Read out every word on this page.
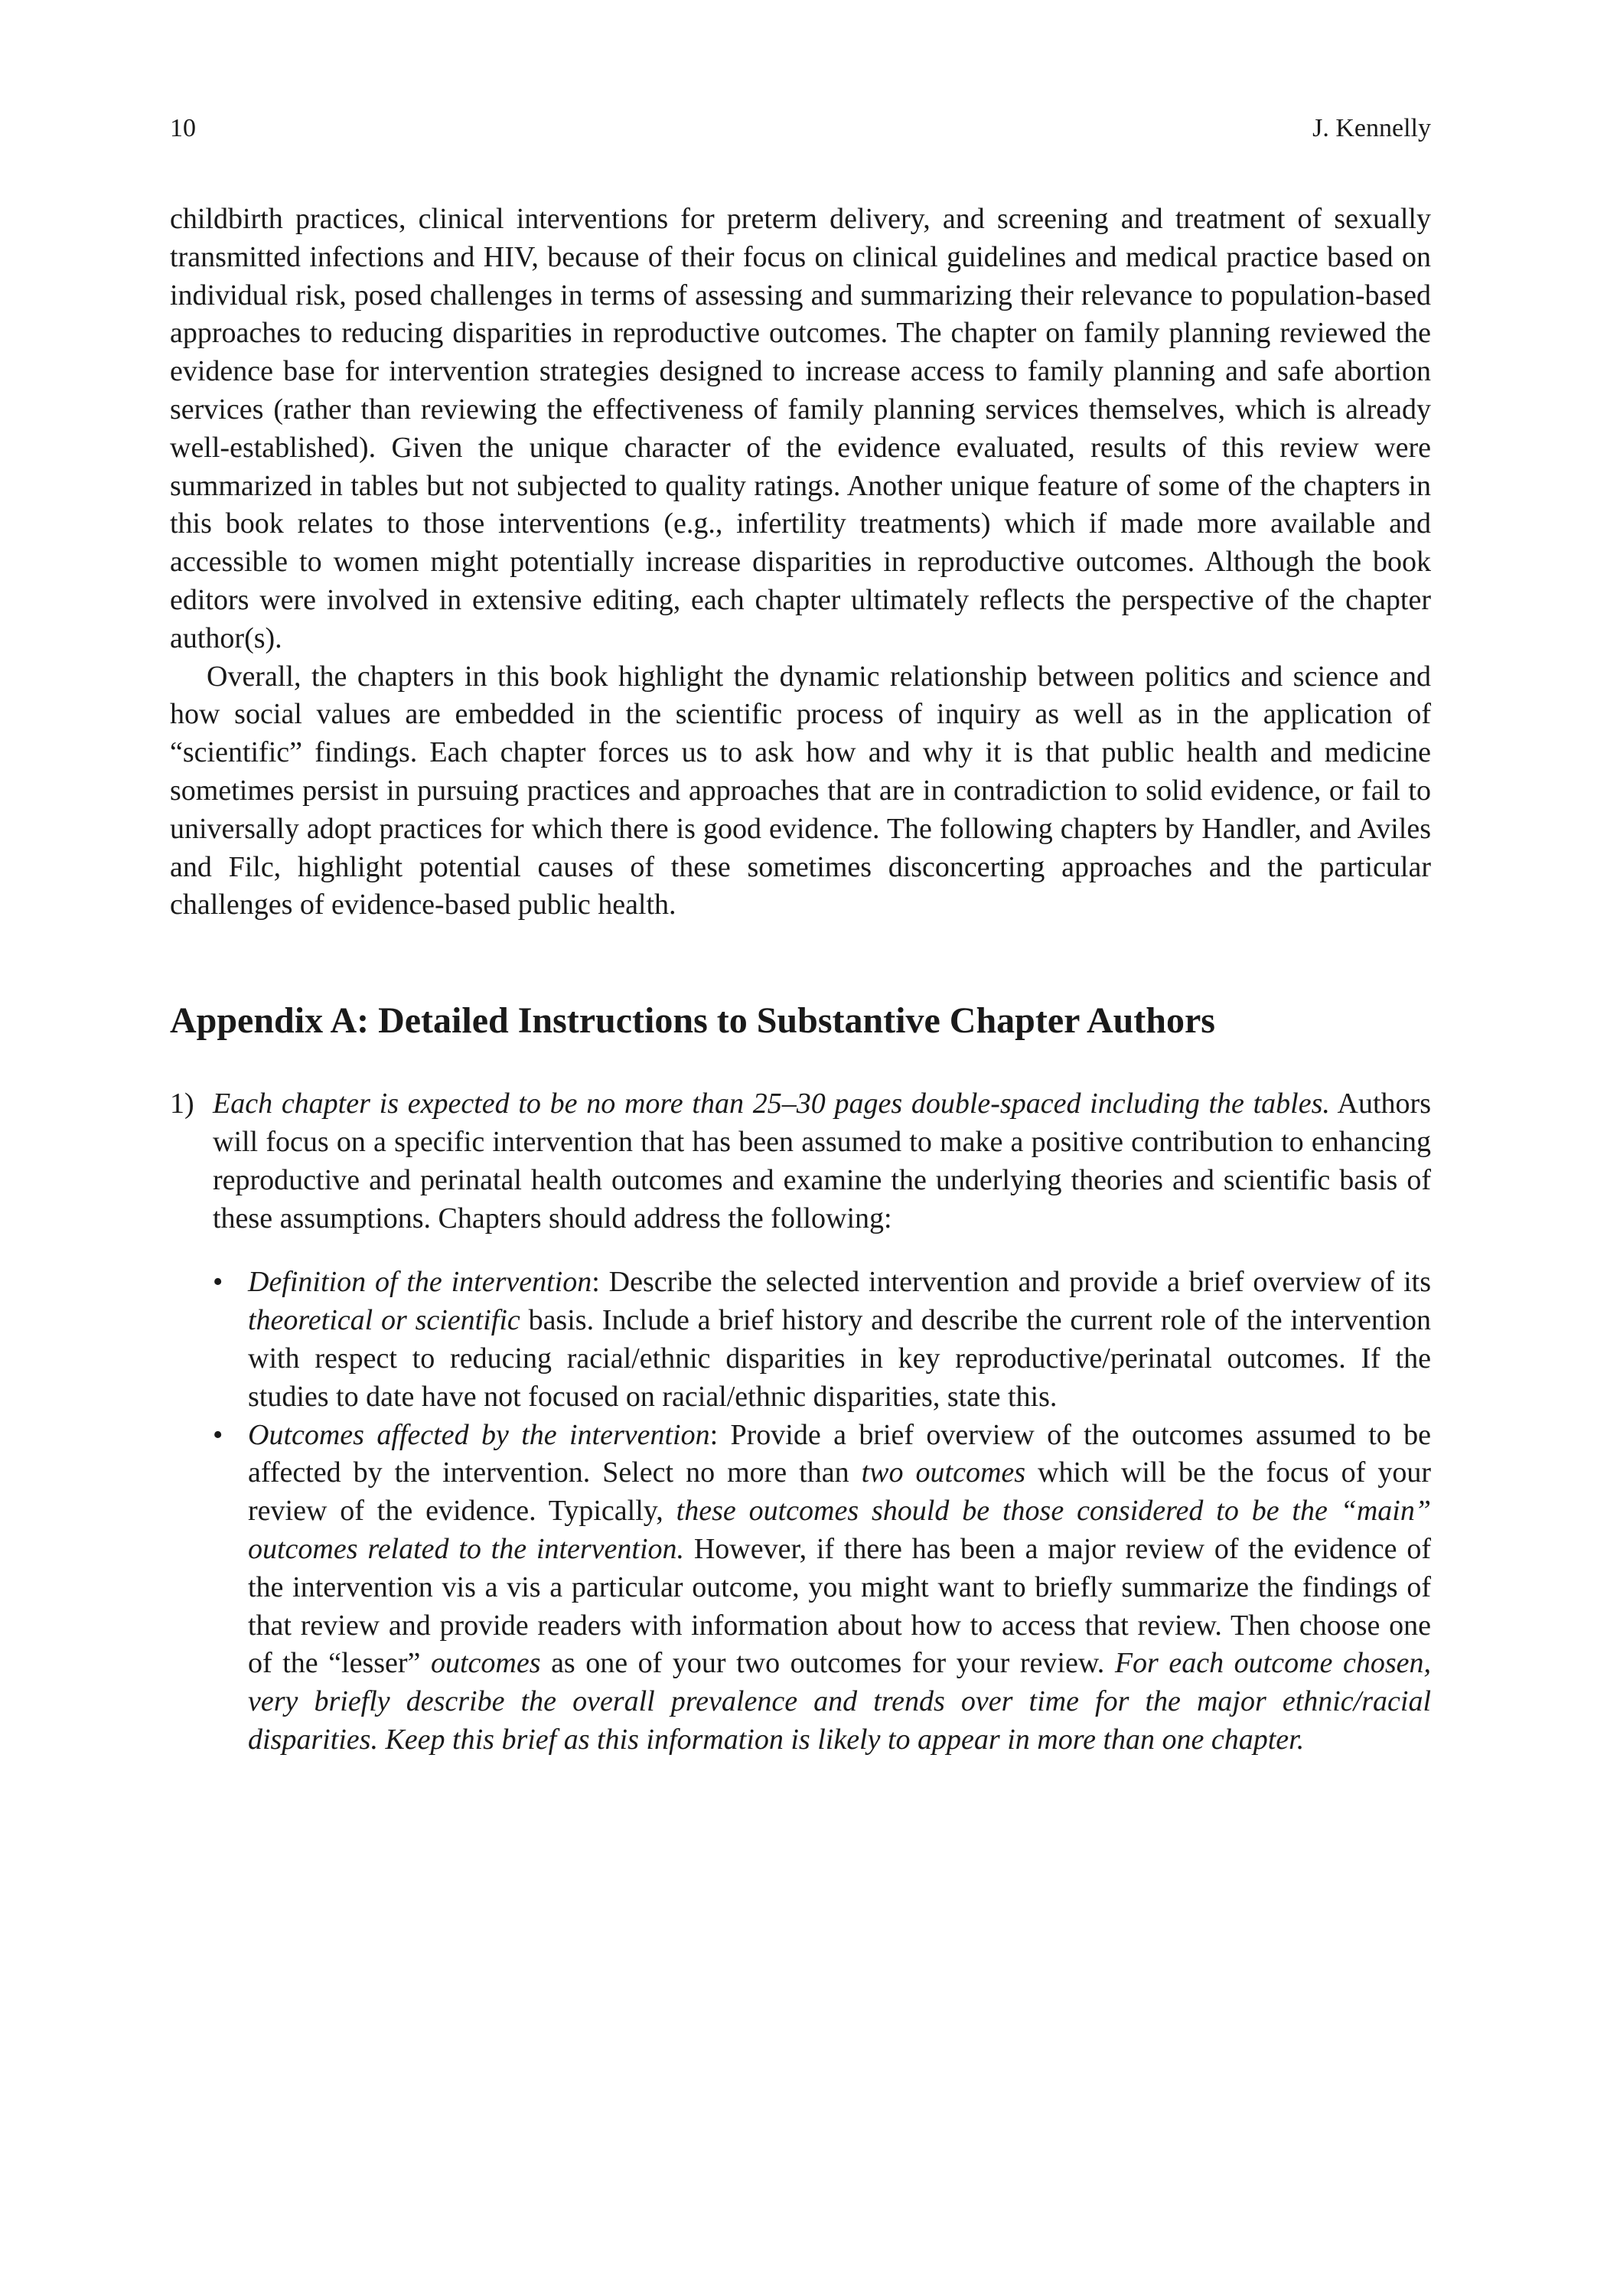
10	J. Kennelly

childbirth practices, clinical interventions for preterm delivery, and screening and treatment of sexually transmitted infections and HIV, because of their focus on clinical guidelines and medical practice based on individual risk, posed challenges in terms of assessing and summarizing their relevance to population-based approaches to reducing disparities in reproductive outcomes. The chapter on family planning reviewed the evidence base for intervention strategies designed to increase access to family planning and safe abortion services (rather than reviewing the effectiveness of family planning services themselves, which is already well-established). Given the unique character of the evidence evaluated, results of this review were summarized in tables but not subjected to quality ratings. Another unique feature of some of the chapters in this book relates to those interventions (e.g., infertility treatments) which if made more available and accessible to women might potentially increase disparities in reproductive outcomes. Although the book editors were involved in extensive editing, each chapter ultimately reflects the perspective of the chapter author(s).

Overall, the chapters in this book highlight the dynamic relationship between politics and science and how social values are embedded in the scientific process of inquiry as well as in the application of “scientific” findings. Each chapter forces us to ask how and why it is that public health and medicine sometimes persist in pursuing practices and approaches that are in contradiction to solid evidence, or fail to universally adopt practices for which there is good evidence. The following chapters by Handler, and Aviles and Filc, highlight potential causes of these sometimes disconcerting approaches and the particular challenges of evidence-based public health.

Appendix A: Detailed Instructions to Substantive Chapter Authors
1) Each chapter is expected to be no more than 25–30 pages double-spaced including the tables. Authors will focus on a specific intervention that has been assumed to make a positive contribution to enhancing reproductive and perinatal health outcomes and examine the underlying theories and scientific basis of these assumptions. Chapters should address the following:

• Definition of the intervention: Describe the selected intervention and provide a brief overview of its theoretical or scientific basis. Include a brief history and describe the current role of the intervention with respect to reducing racial/ethnic disparities in key reproductive/perinatal outcomes. If the studies to date have not focused on racial/ethnic disparities, state this.

• Outcomes affected by the intervention: Provide a brief overview of the outcomes assumed to be affected by the intervention. Select no more than two outcomes which will be the focus of your review of the evidence. Typically, these outcomes should be those considered to be the “main” outcomes related to the intervention. However, if there has been a major review of the evidence of the intervention vis a vis a particular outcome, you might want to briefly summarize the findings of that review and provide readers with information about how to access that review. Then choose one of the “lesser” outcomes as one of your two outcomes for your review. For each outcome chosen, very briefly describe the overall prevalence and trends over time for the major ethnic/racial disparities. Keep this brief as this information is likely to appear in more than one chapter.
